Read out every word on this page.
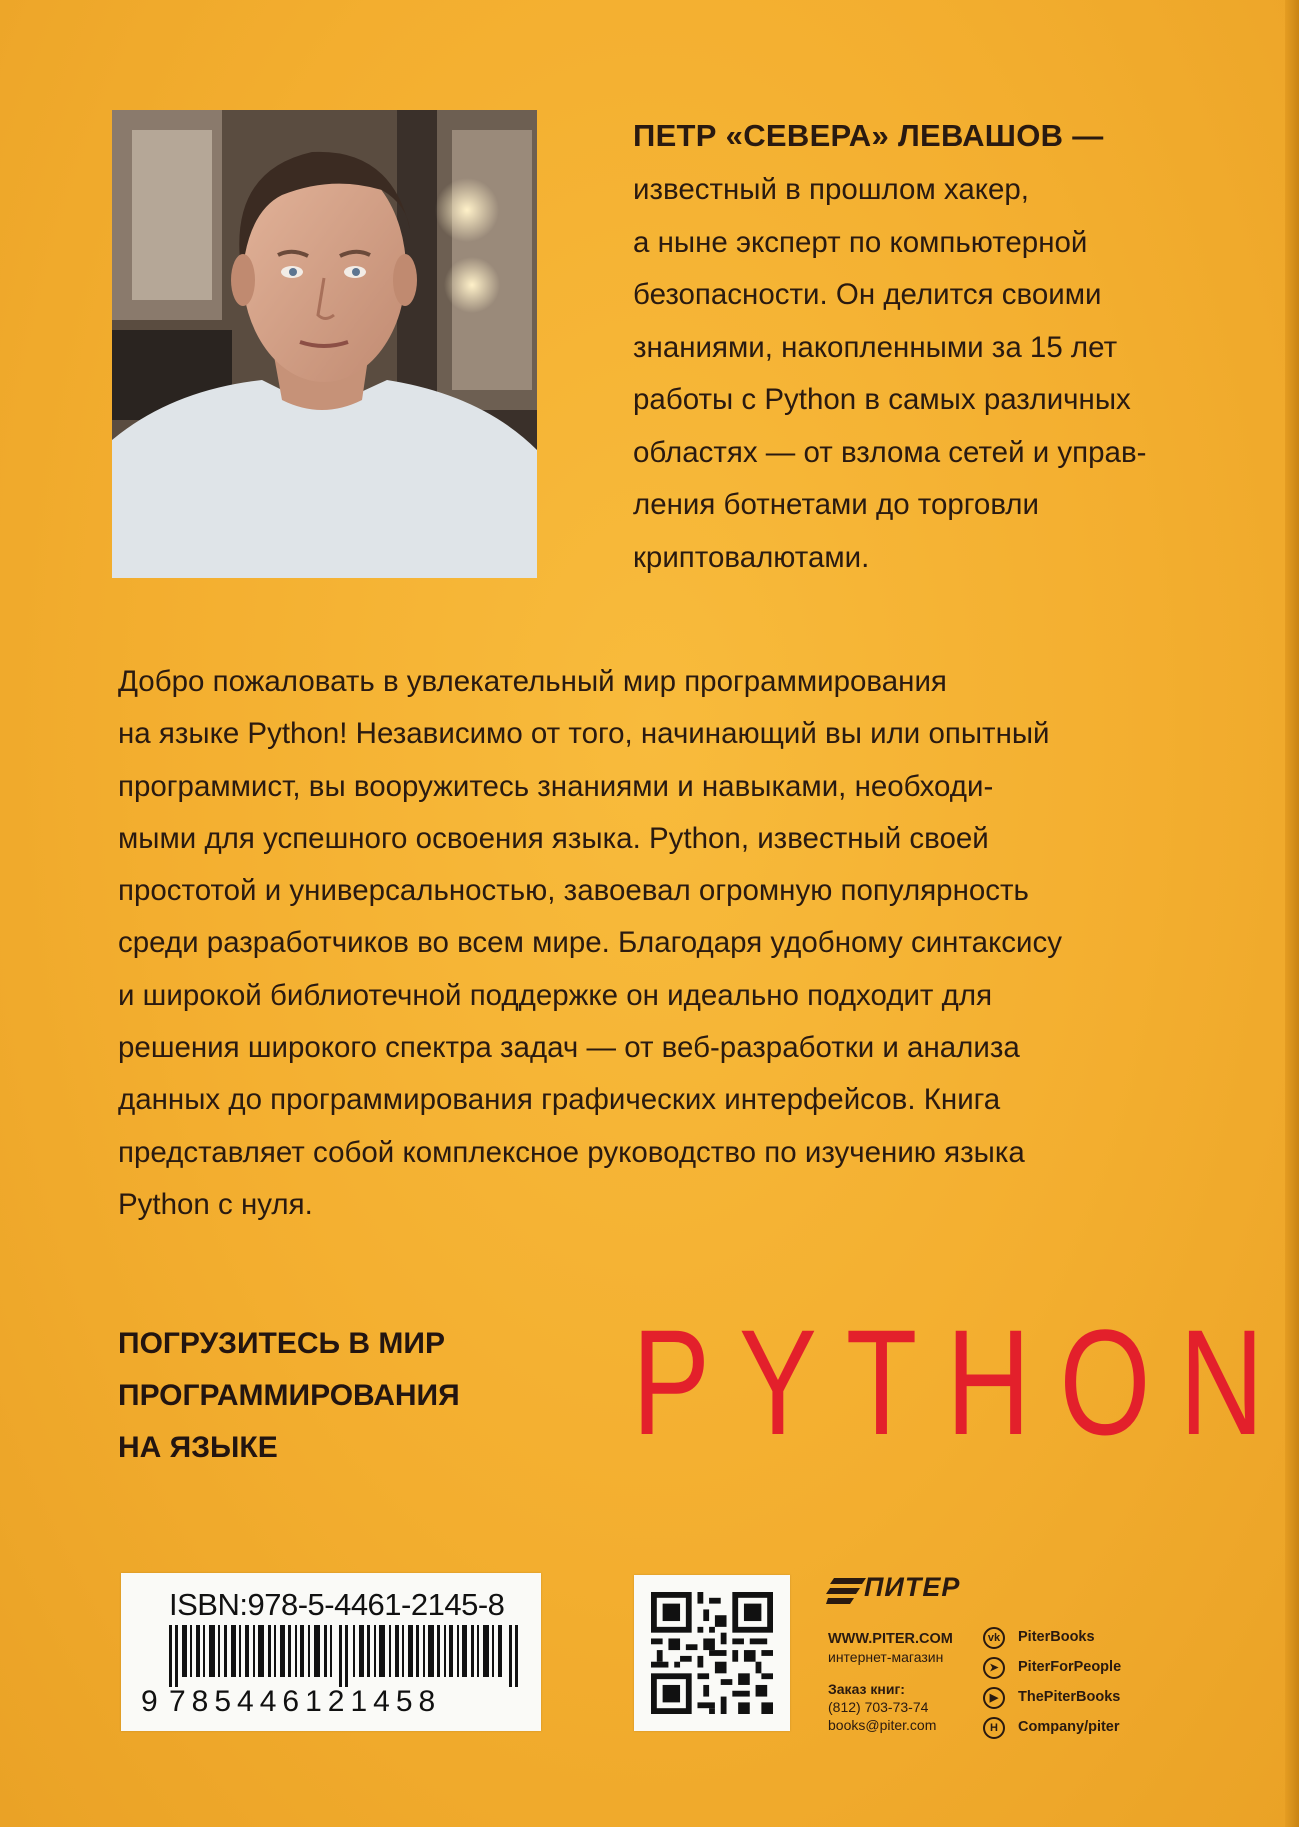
ПЕТР «СЕВЕРА» ЛЕВАШОВ —
известный в прошлом хакер,
а ныне эксперт по компьютерной
безопасности. Он делится своими
знаниями, накопленными за 15 лет
работы с Python в самых различных
областях — от взлома сетей и управ-
ления ботнетами до торговли
криптовалютами.
Добро пожаловать в увлекательный мир программирования
на языке Python! Независимо от того, начинающий вы или опытный
программист, вы вооружитесь знаниями и навыками, необходи-
мыми для успешного освоения языка. Python, известный своей
простотой и универсальностью, завоевал огромную популярность
среди разработчиков во всем мире. Благодаря удобному синтаксису
и широкой библиотечной поддержке он идеально подходит для
решения широкого спектра задач — от веб-разработки и анализа
данных до программирования графических интерфейсов. Книга
представляет собой комплексное руководство по изучению языка
Python с нуля.
ПОГРУЗИТЕСЬ В МИР
ПРОГРАММИРОВАНИЯ
НА ЯЗЫКЕ	PYTHON
ISBN:978-5-4461-2145-8
9 785446121458
ПИТЕР
WWW.PITER.COM
интернет-магазин
Заказ книг:
(812) 703-73-74
books@piter.com
vk	PiterBooks
➤	PiterForPeople
▶	ThePiterBooks
H	Company/piter
